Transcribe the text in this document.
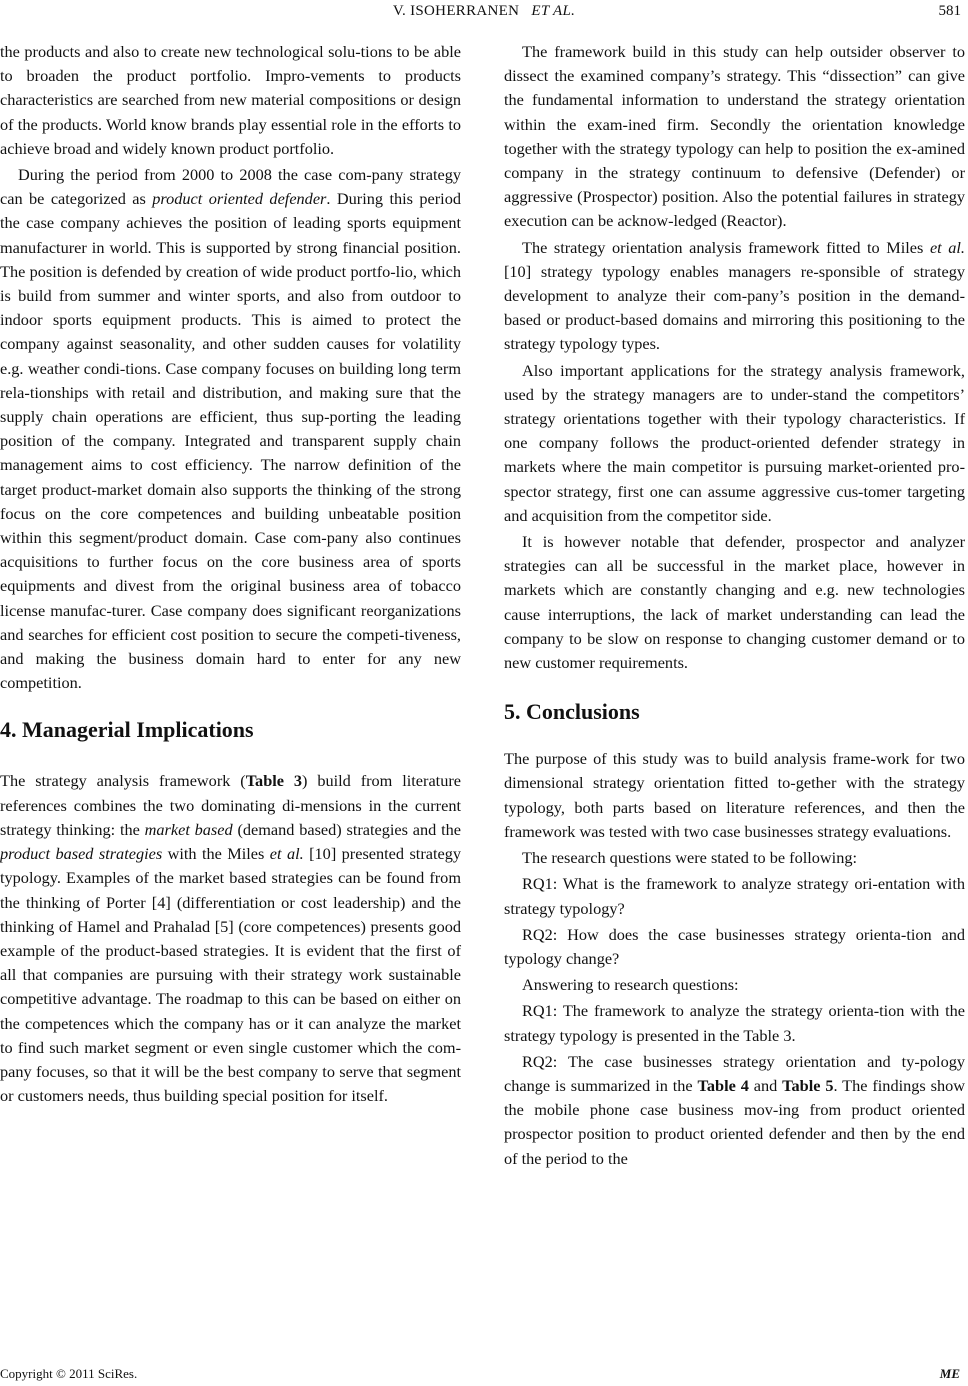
V. ISOHERRANEN ET AL.	581

the products and also to create new technological solu-tions to be able to broaden the product portfolio. Impro-vements to products characteristics are searched from new material compositions or design of the products. World know brands play essential role in the efforts to achieve broad and widely known product portfolio.

During the period from 2000 to 2008 the case com-pany strategy can be categorized as product oriented defender. During this period the case company achieves the position of leading sports equipment manufacturer in world. This is supported by strong financial position. The position is defended by creation of wide product portfo-lio, which is build from summer and winter sports, and also from outdoor to indoor sports equipment products. This is aimed to protect the company against seasonality, and other sudden causes for volatility e.g. weather condi-tions. Case company focuses on building long term rela-tionships with retail and distribution, and making sure that the supply chain operations are efficient, thus sup-porting the leading position of the company. Integrated and transparent supply chain management aims to cost efficiency. The narrow definition of the target product-market domain also supports the thinking of the strong focus on the core competences and building unbeatable position within this segment/product domain. Case com-pany also continues acquisitions to further focus on the core business area of sports equipments and divest from the original business area of tobacco license manufac-turer. Case company does significant reorganizations and searches for efficient cost position to secure the competi-tiveness, and making the business domain hard to enter for any new competition.

4. Managerial Implications

The strategy analysis framework (Table 3) build from literature references combines the two dominating di-mensions in the current strategy thinking: the market based (demand based) strategies and the product based strategies with the Miles et al. [10] presented strategy typology. Examples of the market based strategies can be found from the thinking of Porter [4] (differentiation or cost leadership) and the thinking of Hamel and Prahalad [5] (core competences) presents good example of the product-based strategies. It is evident that the first of all that companies are pursuing with their strategy work sustainable competitive advantage. The roadmap to this can be based on either on the competences which the company has or it can analyze the market to find such market segment or even single customer which the com-pany focuses, so that it will be the best company to serve that segment or customers needs, thus building special position for itself.

The framework build in this study can help outsider observer to dissect the examined company’s strategy. This “dissection” can give the fundamental information to understand the strategy orientation within the exam-ined firm. Secondly the orientation knowledge together with the strategy typology can help to position the ex-amined company in the strategy continuum to defensive (Defender) or aggressive (Prospector) position. Also the potential failures in strategy execution can be acknow-ledged (Reactor).

The strategy orientation analysis framework fitted to Miles et al. [10] strategy typology enables managers re-sponsible of strategy development to analyze their com-pany’s position in the demand-based or product-based domains and mirroring this positioning to the strategy typology types.

Also important applications for the strategy analysis framework, used by the strategy managers are to under-stand the competitors’ strategy orientations together with their typology characteristics. If one company follows the product-oriented defender strategy in markets where the main competitor is pursuing market-oriented pro-spector strategy, first one can assume aggressive cus-tomer targeting and acquisition from the competitor side.

It is however notable that defender, prospector and analyzer strategies can all be successful in the market place, however in markets which are constantly changing and e.g. new technologies cause interruptions, the lack of market understanding can lead the company to be slow on response to changing customer demand or to new customer requirements.

5. Conclusions

The purpose of this study was to build analysis frame-work for two dimensional strategy orientation fitted to-gether with the strategy typology, both parts based on literature references, and then the framework was tested with two case businesses strategy evaluations.

The research questions were stated to be following:

RQ1: What is the framework to analyze strategy ori-entation with strategy typology?

RQ2: How does the case businesses strategy orienta-tion and typology change?

Answering to research questions:

RQ1: The framework to analyze the strategy orienta-tion with the strategy typology is presented in the Table 3.

RQ2: The case businesses strategy orientation and ty-pology change is summarized in the Table 4 and Table 5. The findings show the mobile phone case business mov-ing from product oriented prospector position to product oriented defender and then by the end of the period to the

Copyright © 2011 SciRes.	ME
